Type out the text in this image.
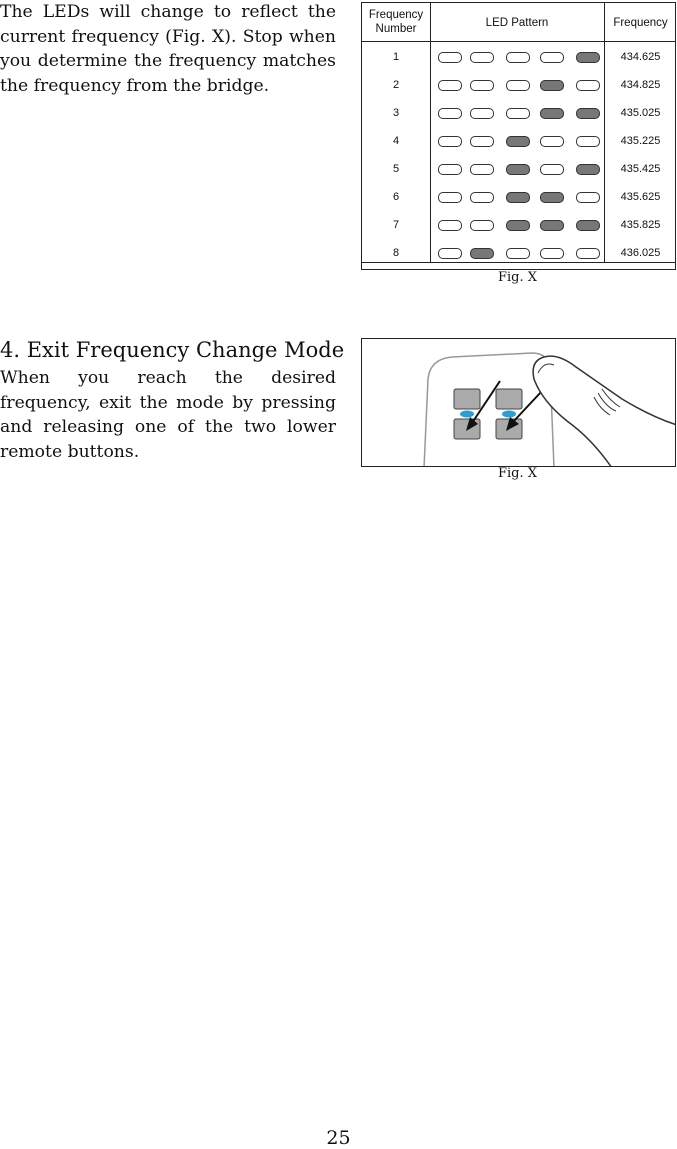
The LEDs will change to reflect the current frequency (Fig. X). Stop when you determine the frequency matches the frequency from the bridge.

Frequency
Number	LED Pattern	Frequency
1	434.625
2	434.825
3	435.025
4	435.225
5	435.425
6	435.625
7	435.825
8	436.025
Fig. X
4. Exit Frequency Change Mode

When you reach the desired frequency, exit the mode by pressing and releasing one of the two lower remote buttons.

Fig. X
25
